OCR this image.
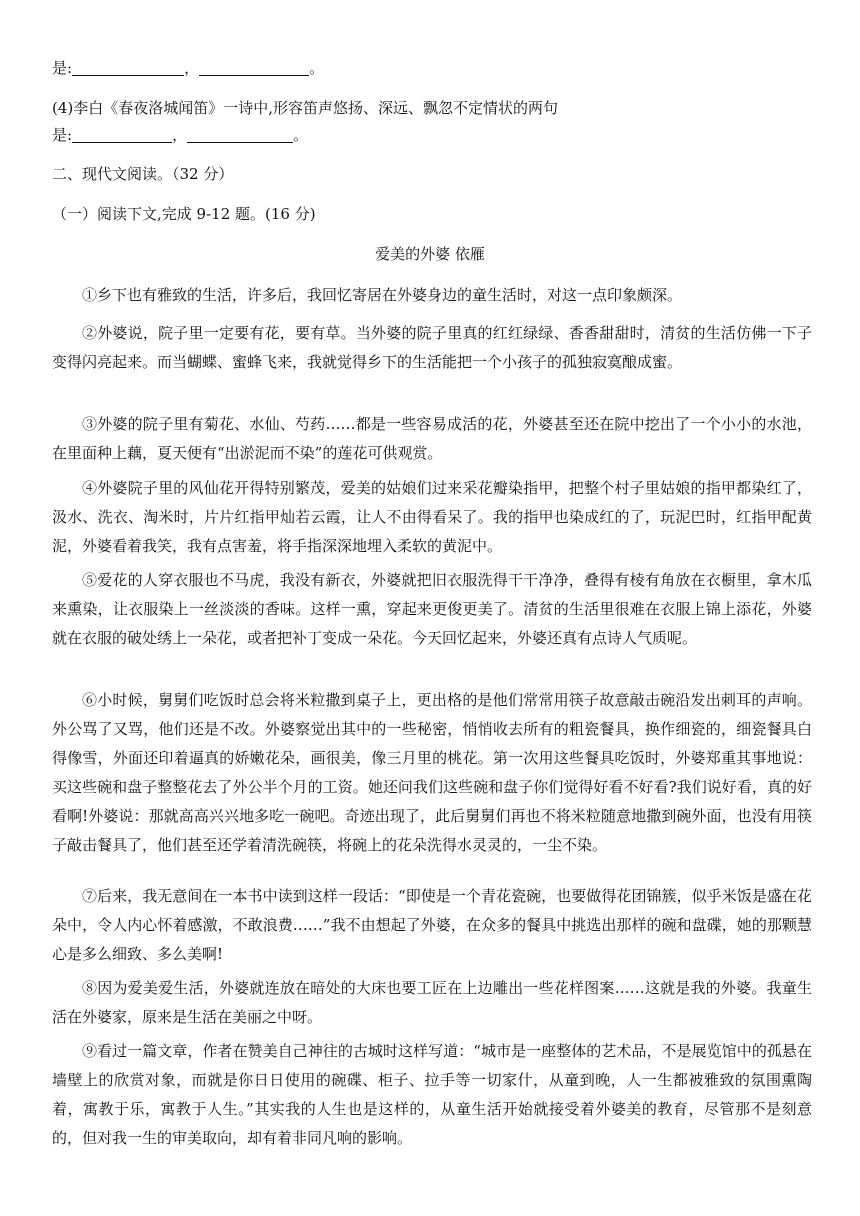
是:	，	。
(4)李白《春夜洛城闻笛》一诗中,形容笛声悠扬、深远、飘忽不定情状的两句
是:	，	。
二、现代文阅读。（32 分）
（一）阅读下文,完成 9-12 题。(16 分)
爱美的外婆 依雁

①乡下也有雅致的生活，许多后，我回忆寄居在外婆身边的童生活时，对这一点印象颇深。

②外婆说，院子里一定要有花，要有草。当外婆的院子里真的红红绿绿、香香甜甜时，清贫的生活仿佛一下子变得闪亮起来。而当蝴蝶、蜜蜂飞来，我就觉得乡下的生活能把一个小孩子的孤独寂寞酿成蜜。

③外婆的院子里有菊花、水仙、芍药……都是一些容易成活的花，外婆甚至还在院中挖出了一个小小的水池，在里面种上藕，夏天便有“出淤泥而不染”的莲花可供观赏。

④外婆院子里的风仙花开得特别繁茂，爱美的姑娘们过来采花瓣染指甲，把整个村子里姑娘的指甲都染红了，汲水、洗衣、淘米时，片片红指甲灿若云霞，让人不由得看呆了。我的指甲也染成红的了，玩泥巴时，红指甲配黄泥，外婆看着我笑，我有点害羞，将手指深深地埋入柔软的黄泥中。

⑤爱花的人穿衣服也不马虎，我没有新衣，外婆就把旧衣服洗得干干净净，叠得有棱有角放在衣橱里，拿木瓜来熏染，让衣服染上一丝淡淡的香味。这样一熏，穿起来更俊更美了。清贫的生活里很难在衣服上锦上添花，外婆就在衣服的破处绣上一朵花，或者把补丁变成一朵花。今天回忆起来，外婆还真有点诗人气质呢。

⑥小时候，舅舅们吃饭时总会将米粒撒到桌子上，更出格的是他们常常用筷子故意敲击碗沿发出刺耳的声响。外公骂了又骂，他们还是不改。外婆察觉出其中的一些秘密，悄悄收去所有的粗瓷餐具，换作细瓷的，细瓷餐具白得像雪，外面还印着逼真的娇嫩花朵，画很美，像三月里的桃花。第一次用这些餐具吃饭时，外婆郑重其事地说：买这些碗和盘子整整花去了外公半个月的工资。她还问我们这些碗和盘子你们觉得好看不好看?我们说好看，真的好看啊!外婆说：那就高高兴兴地多吃一碗吧。奇迹出现了，此后舅舅们再也不将米粒随意地撒到碗外面，也没有用筷子敲击餐具了，他们甚至还学着清洗碗筷，将碗上的花朵洗得水灵灵的，一尘不染。

⑦后来，我无意间在一本书中读到这样一段话：“即使是一个青花瓷碗，也要做得花团锦簇，似乎米饭是盛在花朵中，令人内心怀着感激，不敢浪费……”我不由想起了外婆，在众多的餐具中挑选出那样的碗和盘碟，她的那颗慧心是多么细致、多么美啊!

⑧因为爱美爱生活，外婆就连放在暗处的大床也要工匠在上边雕出一些花样图案……这就是我的外婆。我童生活在外婆家，原来是生活在美丽之中呀。

⑨看过一篇文章，作者在赞美自己神往的古城时这样写道：“城市是一座整体的艺术品，不是展览馆中的孤悬在墙壁上的欣赏对象，而就是你日日使用的碗碟、柜子、拉手等一切家什，从童到晚，人一生都被雅致的氛围熏陶着，寓教于乐，寓教于人生。”其实我的人生也是这样的，从童生活开始就接受着外婆美的教育，尽管那不是刻意的，但对我一生的审美取向，却有着非同凡响的影响。
